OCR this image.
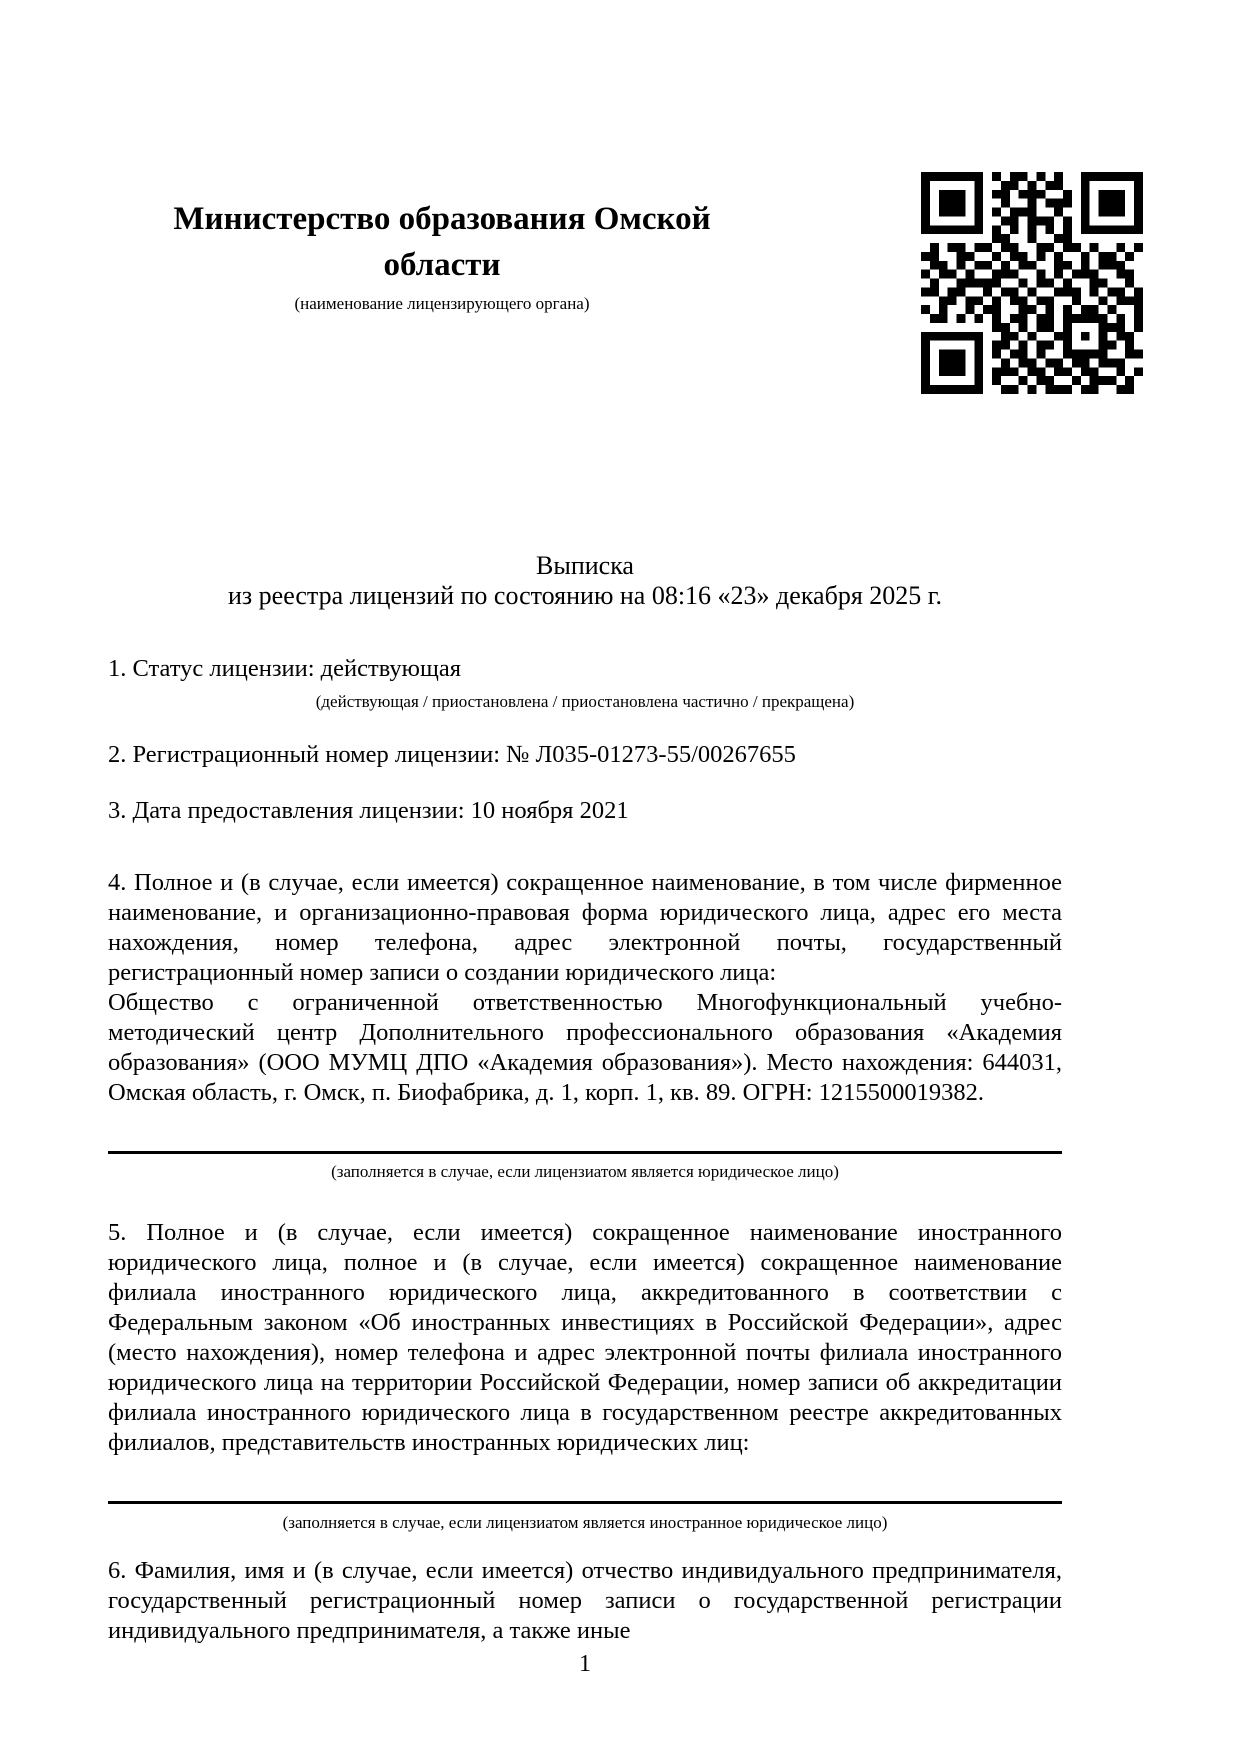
Министерство образования Омской
области
(наименование лицензирующего органа)
Выписка
из реестра лицензий по состоянию на 08:16 «23» декабря 2025 г.
1. Статус лицензии: действующая
(действующая / приостановлена / приостановлена частично / прекращена)
2. Регистрационный номер лицензии: № Л035-01273-55/00267655
3. Дата предоставления лицензии: 10 ноября 2021

4. Полное и (в случае, если имеется) сокращенное наименование, в том числе фирменное наименование, и организационно-правовая форма юридического лица, адрес его места нахождения, номер телефона, адрес электронной почты, государственный регистрационный номер записи о создании юридического лица:

Общество с ограниченной ответственностью Многофункциональный учебно-методический центр Дополнительного профессионального образования «Академия образования» (ООО МУМЦ ДПО «Академия образования»). Место нахождения: 644031, Омская область, г. Омск, п. Биофабрика, д. 1, корп. 1, кв. 89. ОГРН: 1215500019382.

(заполняется в случае, если лицензиатом является юридическое лицо)

5. Полное и (в случае, если имеется) сокращенное наименование иностранного юридического лица, полное и (в случае, если имеется) сокращенное наименование филиала иностранного юридического лица, аккредитованного в соответствии с Федеральным законом «Об иностранных инвестициях в Российской Федерации», адрес (место нахождения), номер телефона и адрес электронной почты филиала иностранного юридического лица на территории Российской Федерации, номер записи об аккредитации филиала иностранного юридического лица в государственном реестре аккредитованных филиалов, представительств иностранных юридических лиц:

(заполняется в случае, если лицензиатом является иностранное юридическое лицо)

6. Фамилия, имя и (в случае, если имеется) отчество индивидуального предпринимателя, государственный регистрационный номер записи о государственной регистрации индивидуального предпринимателя, а также иные

1
